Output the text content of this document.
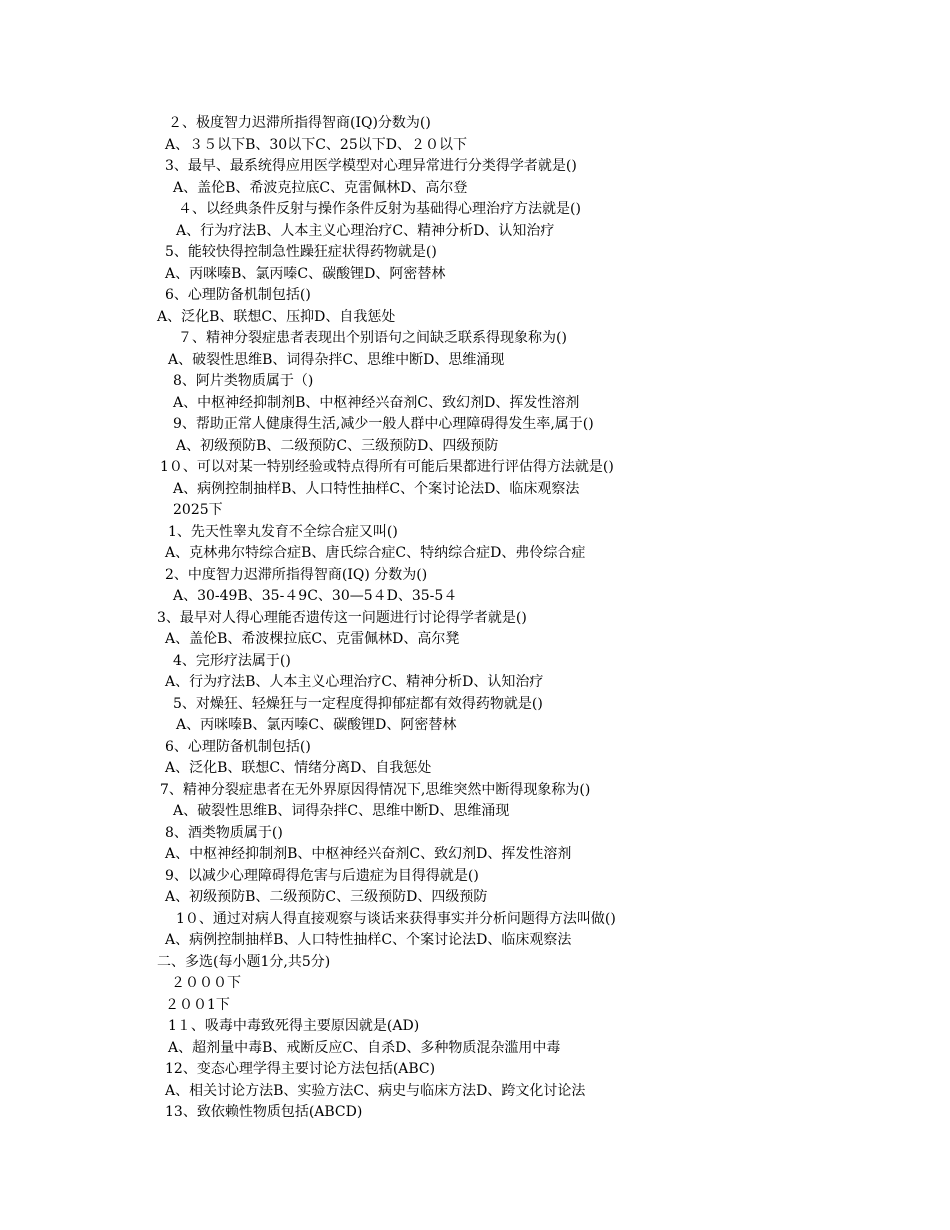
２、极度智力迟滞所指得智商(IQ)分数为()
A、３５以下B、30以下C、25以下D、２０以下
3、最早、最系统得应用医学模型对心理异常进行分类得学者就是()
A、盖伦B、希波克拉底C、克雷佩林D、高尔登
４、以经典条件反射与操作条件反射为基础得心理治疗方法就是()
A、行为疗法B、人本主义心理治疗C、精神分析D、认知治疗
5、能较快得控制急性躁狂症状得药物就是()
A、丙咪嗪B、氯丙嗪C、碳酸锂D、阿密替林
6、心理防备机制包括()
A、泛化B、联想C、压抑D、自我惩处
７、精神分裂症患者表现出个别语句之间缺乏联系得现象称为()
A、破裂性思维B、词得杂拌C、思维中断D、思维涌现
8、阿片类物质属于（)
A、中枢神经抑制剂B、中枢神经兴奋剂C、致幻剂D、挥发性溶剂
9、帮助正常人健康得生活,减少一般人群中心理障碍得发生率,属于()
A、初级预防B、二级预防C、三级预防D、四级预防
1０、可以对某一特别经验或特点得所有可能后果都进行评估得方法就是()
A、病例控制抽样B、人口特性抽样C、个案讨论法D、临床观察法
2025下
1、先天性睾丸发育不全综合症又叫()
A、克林弗尔特综合症B、唐氏综合症C、特纳综合症D、弗伶综合症
2、中度智力迟滞所指得智商(IQ) 分数为()
A、30-49B、35-４9C、30—5４D、35-5４
3、最早对人得心理能否遗传这一问题进行讨论得学者就是()
A、盖伦B、希波棵拉底C、克雷佩林D、高尔凳
4、完形疗法属于()
A、行为疗法B、人本主义心理治疗C、精神分析D、认知治疗
5、对燥狂、轻燥狂与一定程度得抑郁症都有效得药物就是()
A、丙咪嗪B、氯丙嗪C、碳酸锂D、阿密替林
6、心理防备机制包括()
A、泛化B、联想C、情绪分离D、自我惩处
7、精神分裂症患者在无外界原因得情况下,思维突然中断得现象称为()
A、破裂性思维B、词得杂拌C、思维中断D、思维涌现
8、酒类物质属于()
A、中枢神经抑制剂B、中枢神经兴奋剂C、致幻剂D、挥发性溶剂
9、以减少心理障碍得危害与后遗症为目得得就是()
A、初级预防B、二级预防C、三级预防D、四级预防
1０、通过对病人得直接观察与谈话来获得事实并分析问题得方法叫做()
A、病例控制抽样B、人口特性抽样C、个案讨论法D、临床观察法
二、多选(每小题1分,共5分)
２０００下
２００1下
1１、吸毒中毒致死得主要原因就是(AD)
A、超剂量中毒B、戒断反应C、自杀D、多种物质混杂滥用中毒
12、变态心理学得主要讨论方法包括(ABC)
A、相关讨论方法B、实验方法C、病史与临床方法D、跨文化讨论法
13、致依赖性物质包括(ABCD)
